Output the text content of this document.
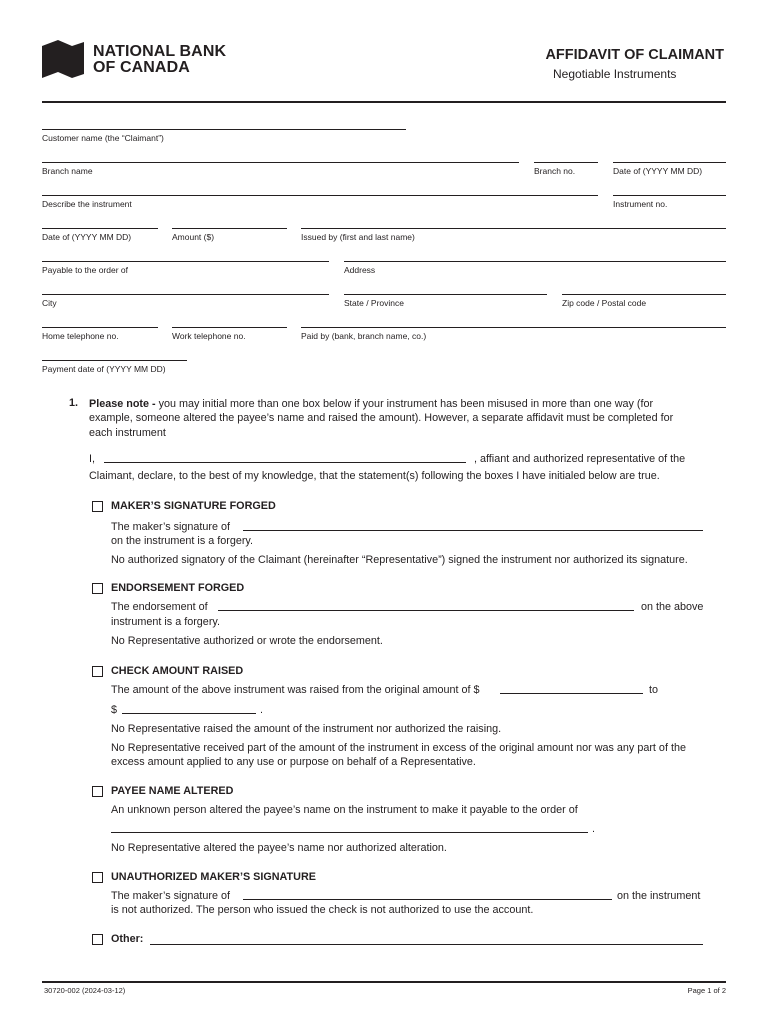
NATIONAL BANK
OF CANADA
AFFIDAVIT OF CLAIMANT
Negotiable Instruments
Customer name (the “Claimant”)
Branch name	Branch no.	Date of (YYYY MM DD)
Describe the instrument	Instrument no.
Date of (YYYY MM DD)	Amount ($)	Issued by (first and last name)
Payable to the order of	Address
City	State / Province	Zip code / Postal code
Home telephone no.	Work telephone no.	Paid by (bank, branch name, co.)
Payment date of (YYYY MM DD)
1. Please note - you may initial more than one box below if your instrument has been misused in more than one way (for
example, someone altered the payee’s name and raised the amount). However, a separate affidavit must be completed for
each instrument
I,	, affiant and authorized representative of the
Claimant, declare, to the best of my knowledge, that the statement(s) following the boxes I have initialed below are true.
MAKER’S SIGNATURE FORGED
The maker’s signature of
on the instrument is a forgery.
No authorized signatory of the Claimant (hereinafter “Representative”) signed the instrument nor authorized its signature.
ENDORSEMENT FORGED
The endorsement of	on the above
instrument is a forgery.
No Representative authorized or wrote the endorsement.
CHECK AMOUNT RAISED
The amount of the above instrument was raised from the original amount of $	to
$	.
No Representative raised the amount of the instrument nor authorized the raising.
No Representative received part of the amount of the instrument in excess of the original amount nor was any part of the
excess amount applied to any use or purpose on behalf of a Representative.
PAYEE NAME ALTERED
An unknown person altered the payee’s name on the instrument to make it payable to the order of
.
No Representative altered the payee’s name nor authorized alteration.
UNAUTHORIZED MAKER’S SIGNATURE
The maker’s signature of	on the instrument
is not authorized. The person who issued the check is not authorized to use the account.
Other:
30720-002 (2024-03-12)	Page 1 of 2
